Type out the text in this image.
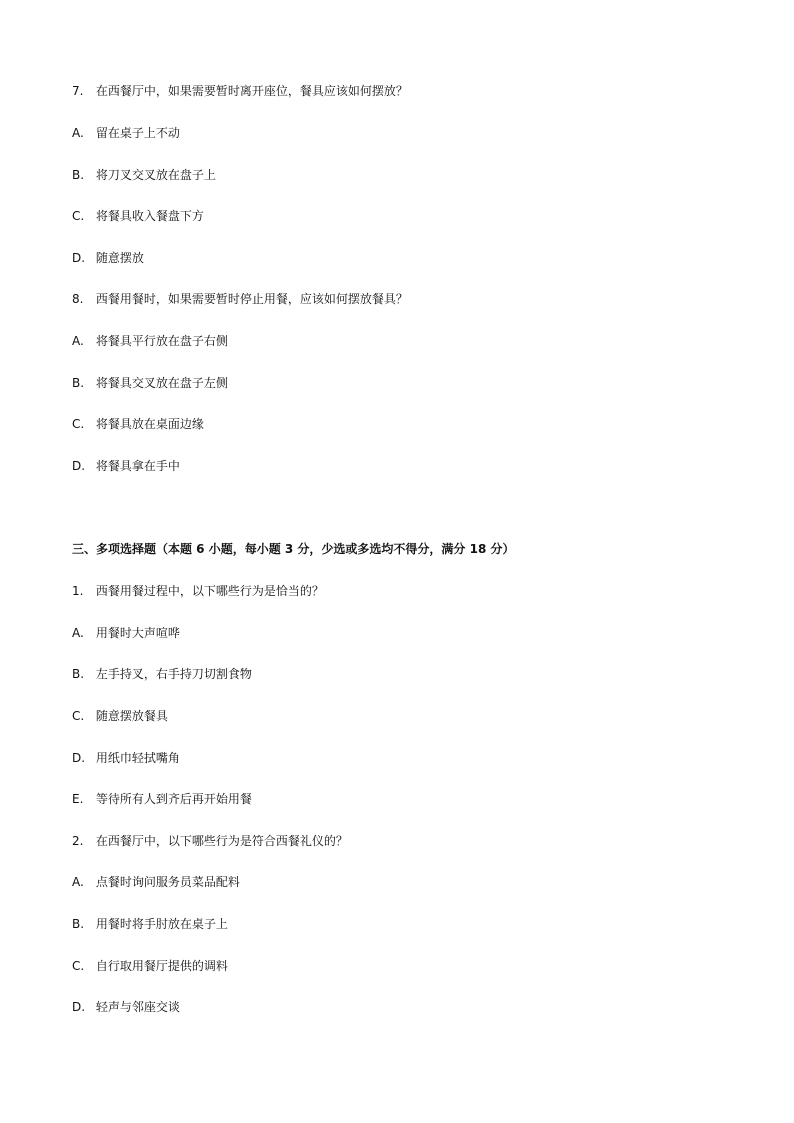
7. 在西餐厅中，如果需要暂时离开座位，餐具应该如何摆放？
A. 留在桌子上不动
B. 将刀叉交叉放在盘子上
C. 将餐具收入餐盘下方
D. 随意摆放
8. 西餐用餐时，如果需要暂时停止用餐，应该如何摆放餐具？
A. 将餐具平行放在盘子右侧
B. 将餐具交叉放在盘子左侧
C. 将餐具放在桌面边缘
D. 将餐具拿在手中
三、多项选择题（本题 6 小题，每小题 3 分，少选或多选均不得分，满分 18 分）
1. 西餐用餐过程中，以下哪些行为是恰当的？
A. 用餐时大声喧哗
B. 左手持叉，右手持刀切割食物
C. 随意摆放餐具
D. 用纸巾轻拭嘴角
E. 等待所有人到齐后再开始用餐
2. 在西餐厅中，以下哪些行为是符合西餐礼仪的？
A. 点餐时询问服务员菜品配料
B. 用餐时将手肘放在桌子上
C. 自行取用餐厅提供的调料
D. 轻声与邻座交谈
